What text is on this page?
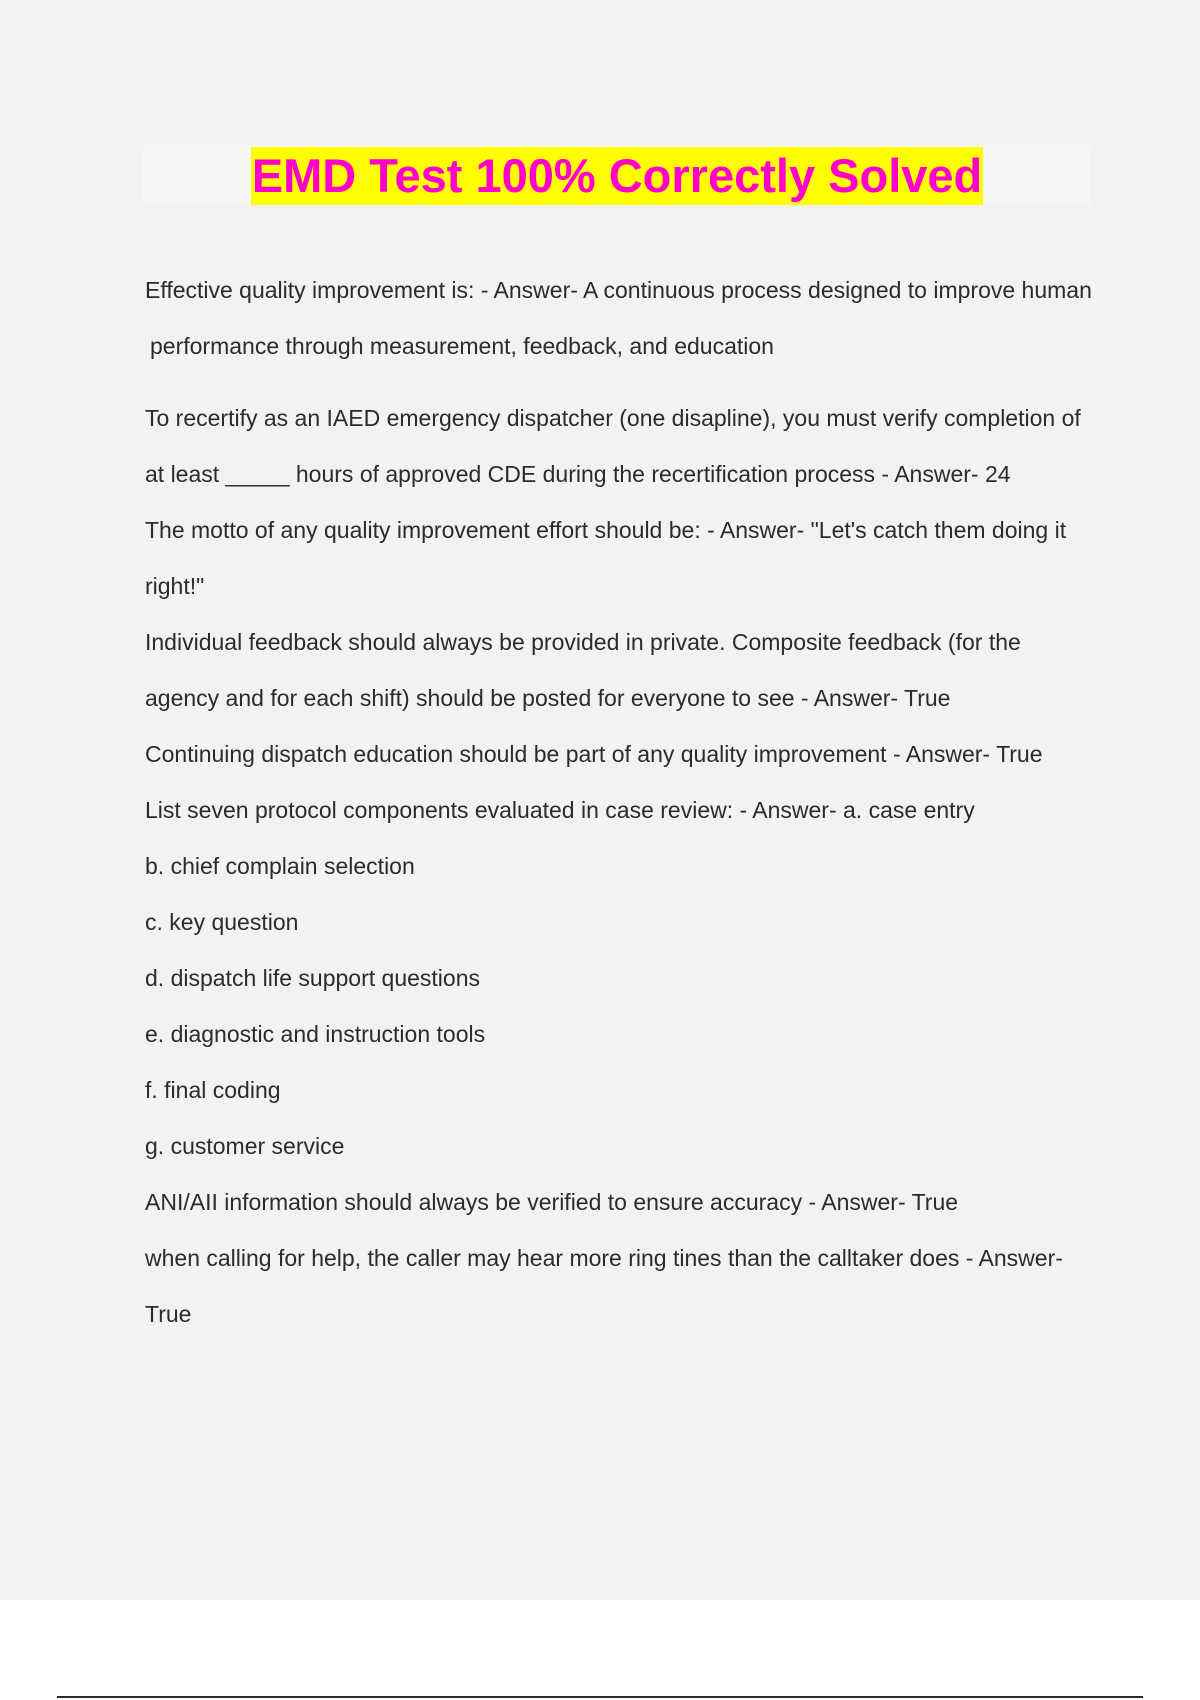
EMD Test 100% Correctly Solved

Effective quality improvement is: - Answer- A continuous process designed to improve human performance through measurement, feedback, and education

To recertify as an IAED emergency dispatcher (one disapline), you must verify completion of at least _____ hours of approved CDE during the recertification process - Answer- 24

The motto of any quality improvement effort should be: - Answer- "Let's catch them doing it right!"

Individual feedback should always be provided in private. Composite feedback (for the agency and for each shift) should be posted for everyone to see - Answer- True

Continuing dispatch education should be part of any quality improvement - Answer- True

List seven protocol components evaluated in case review: - Answer- a. case entry

b. chief complain selection

c. key question

d. dispatch life support questions

e. diagnostic and instruction tools

f. final coding

g. customer service

ANI/AII information should always be verified to ensure accuracy - Answer- True

when calling for help, the caller may hear more ring tines than the calltaker does - Answer- True
